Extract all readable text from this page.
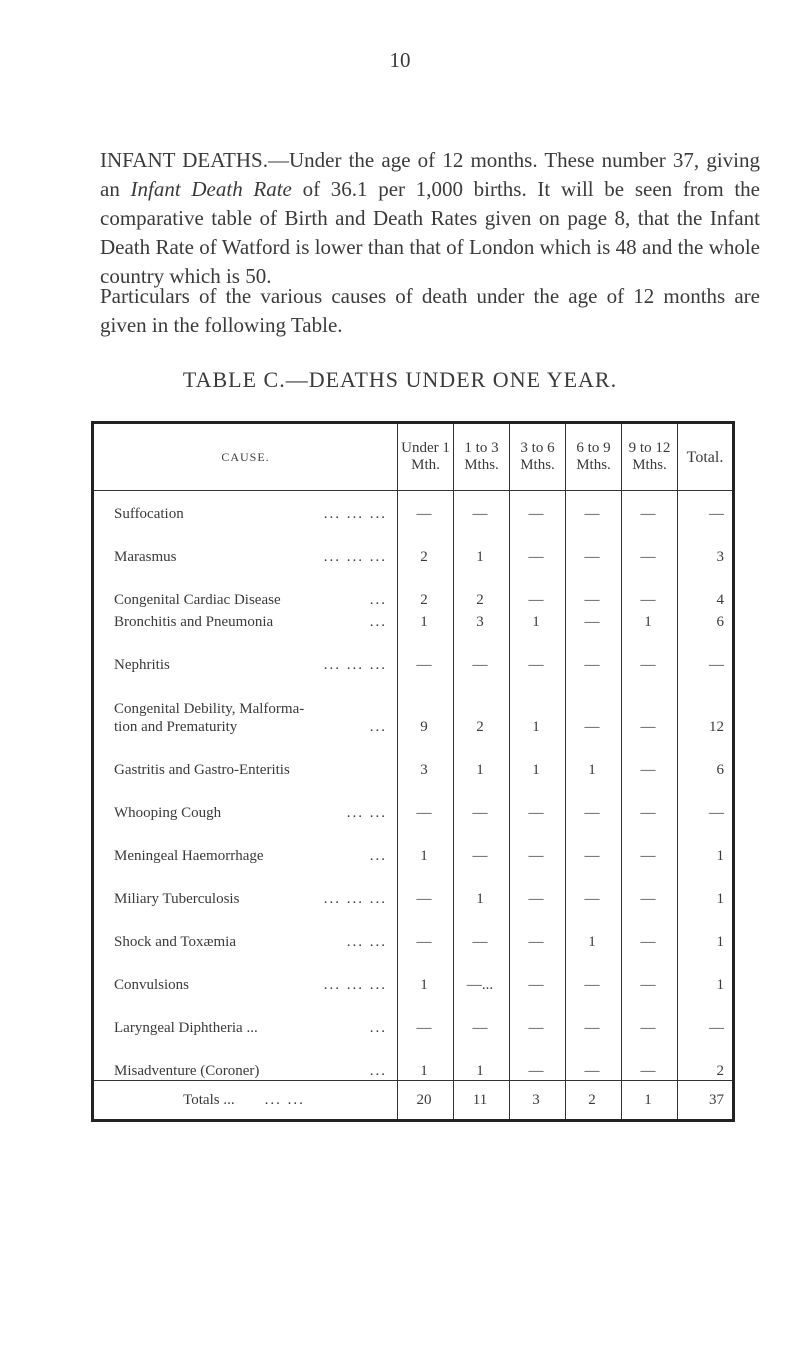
10

INFANT DEATHS.—Under the age of 12 months. These number 37, giving an Infant Death Rate of 36.1 per 1,000 births. It will be seen from the comparative table of Birth and Death Rates given on page 8, that the Infant Death Rate of Watford is lower than that of London which is 48 and the whole country which is 50.

Particulars of the various causes of death under the age of 12 months are given in the following Table.

TABLE C.—DEATHS UNDER ONE YEAR.
CAUSE.	Under 1 Mth.	1 to 3 Mths.	3 to 6 Mths.	6 to 9 Mths.	9 to 12 Mths.	Total.
Suffocation ... ... ...	—	—	—	—	—	—
Marasmus ... ... ...	2	1	—	—	—	3
Congenital Cardiac Disease ...	2	2	—	—	—	4
Bronchitis and Pneumonia ...	1	3	1	—	1	6
Nephritis ... ... ...	—	—	—	—	—	—
Congenital Debility, Malforma-
tion and Prematurity ...	9	2	1	—	—	12
Gastritis and Gastro-Enteritis	3	1	1	1	—	6
Whooping Cough ... ...	—	—	—	—	—	—
Meningeal Haemorrhage ...	1	—	—	—	—	1
Miliary Tuberculosis ... ... ...	—	1	—	—	—	1
Shock and Toxæmia ... ...	—	—	—	1	—	1
Convulsions ... ... ...	1	—...	—	—	—	1
Laryngeal Diphtheria ... ...	—	—	—	—	—	—
Misadventure (Coroner) ...	1	1	—	—	—	2
Totals ... ... ...	20	11	3	2	1	37
